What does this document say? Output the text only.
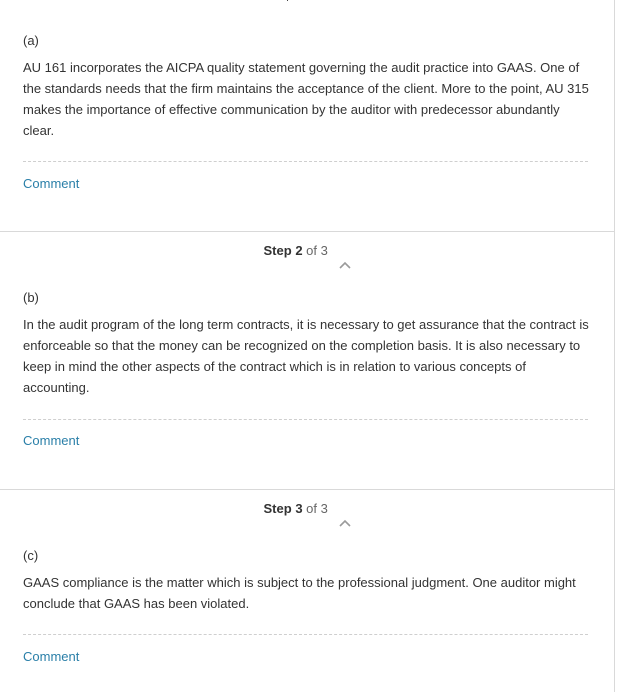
(a)

AU 161 incorporates the AICPA quality statement governing the audit practice into GAAS. One of the standards needs that the firm maintains the acceptance of the client. More to the point, AU 315 makes the importance of effective communication by the auditor with predecessor abundantly clear.

Comment
Step 2 of 3
(b)

In the audit program of the long term contracts, it is necessary to get assurance that the contract is enforceable so that the money can be recognized on the completion basis. It is also necessary to keep in mind the other aspects of the contract which is in relation to various concepts of accounting.

Comment
Step 3 of 3
(c)

GAAS compliance is the matter which is subject to the professional judgment. One auditor might conclude that GAAS has been violated.

Comment
